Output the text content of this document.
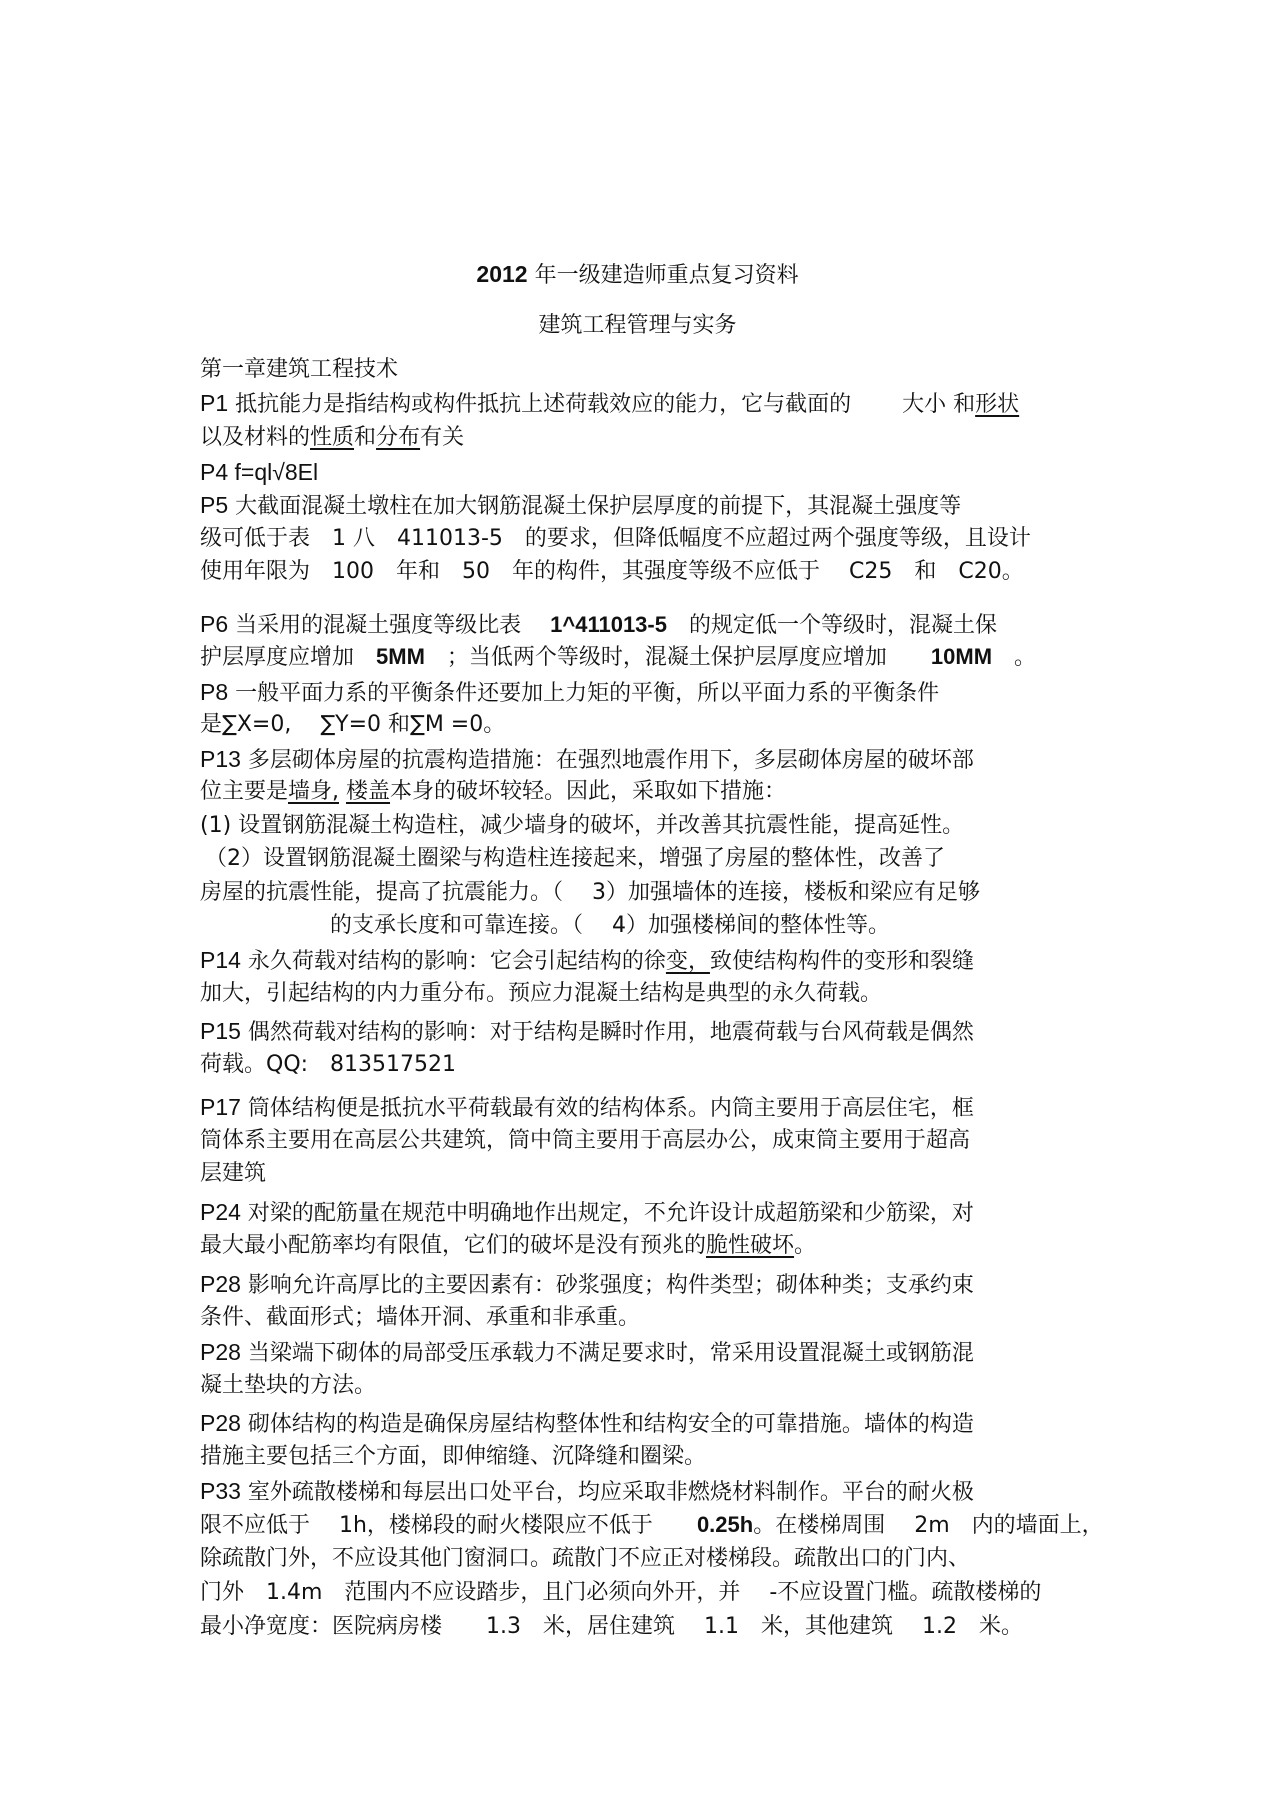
2012 年一级建造师重点复习资料
建筑工程管理与实务
第一章建筑工程技术
P1 抵抗能力是指结构或构件抵抗上述荷载效应的能力，它与截面的　　 大小 和形状
以及材料的性质和分布有关
P4 f=ql√8El
P5 大截面混凝土墩柱在加大钢筋混凝土保护层厚度的前提下，其混凝土强度等
级可低于表　1 八　411013-5　的要求，但降低幅度不应超过两个强度等级，且设计
使用年限为　100　年和　50　年的构件，其强度等级不应低于　 C25　和　C20。
P6 当采用的混凝土强度等级比表　 1^411013-5　的规定低一个等级时，混凝土保
护层厚度应增加　5MM　；当低两个等级时，混凝土保护层厚度应增加　　10MM　。
P8 一般平面力系的平衡条件还要加上力矩的平衡，所以平面力系的平衡条件
是∑X=0,　 ∑Y=0 和∑M =0。
P13 多层砌体房屋的抗震构造措施：在强烈地震作用下，多层砌体房屋的破坏部
位主要是墙身, 楼盖本身的破坏较轻。因此，采取如下措施：
(1) 设置钢筋混凝土构造柱，减少墙身的破坏，并改善其抗震性能，提高延性。
（2）设置钢筋混凝土圈梁与构造柱连接起来，增强了房屋的整体性，改善了
房屋的抗震性能，提高了抗震能力。（　 3）加强墙体的连接，楼板和梁应有足够
的支承长度和可靠连接。（　 4）加强楼梯间的整体性等。
P14 永久荷载对结构的影响：它会引起结构的徐变，致使结构构件的变形和裂缝
加大，引起结构的内力重分布。预应力混凝土结构是典型的永久荷载。
P15 偶然荷载对结构的影响：对于结构是瞬时作用，地震荷载与台风荷载是偶然
荷载。QQ:　813517521
P17 筒体结构便是抵抗水平荷载最有效的结构体系。内筒主要用于高层住宅，框
筒体系主要用在高层公共建筑，筒中筒主要用于高层办公，成束筒主要用于超高
层建筑
P24 对梁的配筋量在规范中明确地作出规定，不允许设计成超筋梁和少筋梁，对
最大最小配筋率均有限值，它们的破坏是没有预兆的脆性破坏。
P28 影响允许高厚比的主要因素有：砂浆强度；构件类型；砌体种类；支承约束
条件、截面形式；墙体开洞、承重和非承重。
P28 当梁端下砌体的局部受压承载力不满足要求时，常采用设置混凝土或钢筋混
凝土垫块的方法。
P28 砌体结构的构造是确保房屋结构整体性和结构安全的可靠措施。墙体的构造
措施主要包括三个方面，即伸缩缝、沉降缝和圈梁。
P33 室外疏散楼梯和每层出口处平台，均应采取非燃烧材料制作。平台的耐火极
限不应低于　 1h，楼梯段的耐火楼限应不低于　　0.25h。在楼梯周围　 2m　内的墙面上，
除疏散门外，不应设其他门窗洞口。疏散门不应正对楼梯段。疏散出口的门内、
门外　1.4m　范围内不应设踏步，且门必须向外开，并　 -不应设置门槛。疏散楼梯的
最小净宽度：医院病房楼　　1.3　米，居住建筑　 1.1　米，其他建筑　 1.2　米。
